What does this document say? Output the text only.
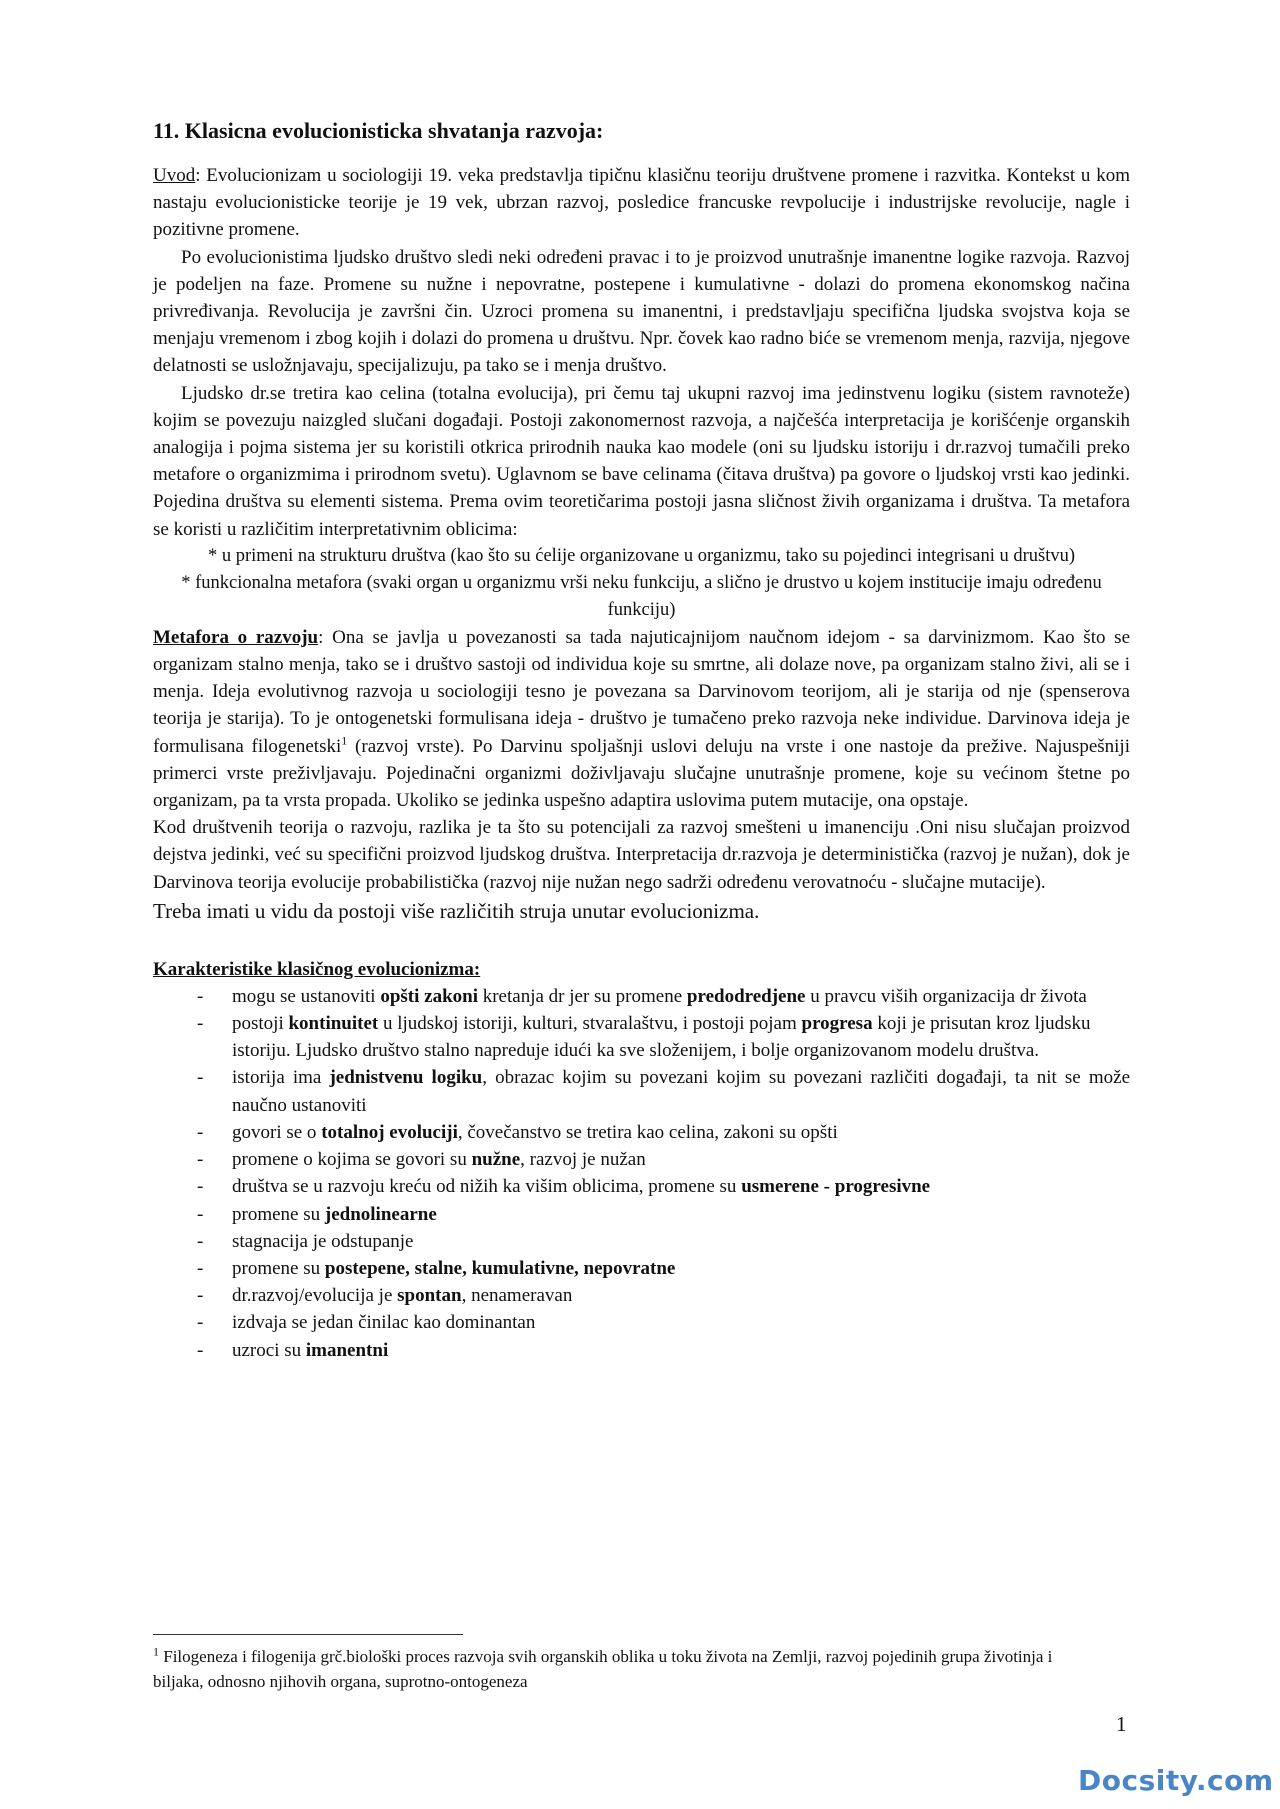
11. Klasicna evolucionisticka shvatanja razvoja:

Uvod: Evolucionizam u sociologiji 19. veka predstavlja tipičnu klasičnu teoriju društvene promene i razvitka. Kontekst u kom nastaju evolucionisticke teorije je 19 vek, ubrzan razvoj, posledice francuske revpolucije i industrijske revolucije, nagle i pozitivne promene.

Po evolucionistima ljudsko društvo sledi neki određeni pravac i to je proizvod unutrašnje imanentne logike razvoja. Razvoj je podeljen na faze. Promene su nužne i nepovratne, postepene i kumulativne - dolazi do promena ekonomskog načina privređivanja. Revolucija je završni čin. Uzroci promena su imanentni, i predstavljaju specifična ljudska svojstva koja se menjaju vremenom i zbog kojih i dolazi do promena u društvu. Npr. čovek kao radno biće se vremenom menja, razvija, njegove delatnosti se usložnjavaju, specijalizuju, pa tako se i menja društvo.

Ljudsko dr.se tretira kao celina (totalna evolucija), pri čemu taj ukupni razvoj ima jedinstvenu logiku (sistem ravnoteže) kojim se povezuju naizgled slučani događaji. Postoji zakonomernost razvoja, a najčešća interpretacija je korišćenje organskih analogija i pojma sistema jer su koristili otkrica prirodnih nauka kao modele (oni su ljudsku istoriju i dr.razvoj tumačili preko metafore o organizmima i prirodnom svetu). Uglavnom se bave celinama (čitava društva) pa govore o ljudskoj vrsti kao jedinki. Pojedina društva su elementi sistema. Prema ovim teoretičarima postoji jasna sličnost živih organizama i društva. Ta metafora se koristi u različitim interpretativnim oblicima:

* u primeni na strukturu društva (kao što su ćelije organizovane u organizmu, tako su pojedinci integrisani u društvu)

* funkcionalna metafora (svaki organ u organizmu vrši neku funkciju, a slično je drustvo u kojem institucije imaju određenu funkciju)

Metafora o razvoju: Ona se javlja u povezanosti sa tada najuticajnijom naučnom idejom - sa darvinizmom. Kao što se organizam stalno menja, tako se i društvo sastoji od individua koje su smrtne, ali dolaze nove, pa organizam stalno živi, ali se i menja. Ideja evolutivnog razvoja u sociologiji tesno je povezana sa Darvinovom teorijom, ali je starija od nje (spenserova teorija je starija). To je ontogenetski formulisana ideja - društvo je tumačeno preko razvoja neke individue. Darvinova ideja je formulisana filogenetski$^1$ (razvoj vrste). Po Darvinu spoljašnji uslovi deluju na vrste i one nastoje da prežive. Najuspešniji primerci vrste preživljavaju. Pojedinačni organizmi doživljavaju slučajne unutrašnje promene, koje su većinom štetne po organizam, pa ta vrsta propada. Ukoliko se jedinka uspešno adaptira uslovima putem mutacije, ona opstaje.

Kod društvenih teorija o razvoju, razlika je ta što su potencijali za razvoj smešteni u imanenciju .Oni nisu slučajan proizvod dejstva jedinki, već su specifični proizvod ljudskog društva. Interpretacija dr.razvoja je deterministička (razvoj je nužan), dok je Darvinova teorija evolucije probabilistička (razvoj nije nužan nego sadrži određenu verovatnoću - slučajne mutacije).

Treba imati u vidu da postoji više različitih struja unutar evolucionizma.

Karakteristike klasičnog evolucionizma:

- mogu se ustanoviti opšti zakoni kretanja dr jer su promene predodredjene u pravcu viših organizacija dr života
- postoji kontinuitet u ljudskoj istoriji, kulturi, stvaralaštvu, i postoji pojam progresa koji je prisutan kroz ljudsku istoriju. Ljudsko društvo stalno napreduje idući ka sve složenijem, i bolje organizovanom modelu društva.
- istorija ima jednistvenu logiku, obrazac kojim su povezani kojim su povezani različiti događaji, ta nit se može naučno ustanoviti
- govori se o totalnoj evoluciji, čovečanstvo se tretira kao celina, zakoni su opšti
- promene o kojima se govori su nužne, razvoj je nužan
- društva se u razvoju kreću od nižih ka višim oblicima, promene su usmerene - progresivne
- promene su jednolinearne
- stagnacija je odstupanje
- promene su postepene, stalne, kumulativne, nepovratne
- dr.razvoj/evolucija je spontan, nenameravan
- izdvaja se jedan činilac kao dominantan
- uzroci su imanentni
$^1$ Filogeneza i filogenija grč.biološki proces razvoja svih organskih oblika u toku života na Zemlji, razvoj pojedinih grupa životinja i biljaka, odnosno njihovih organa, suprotno-ontogeneza
1
Docsity.com
